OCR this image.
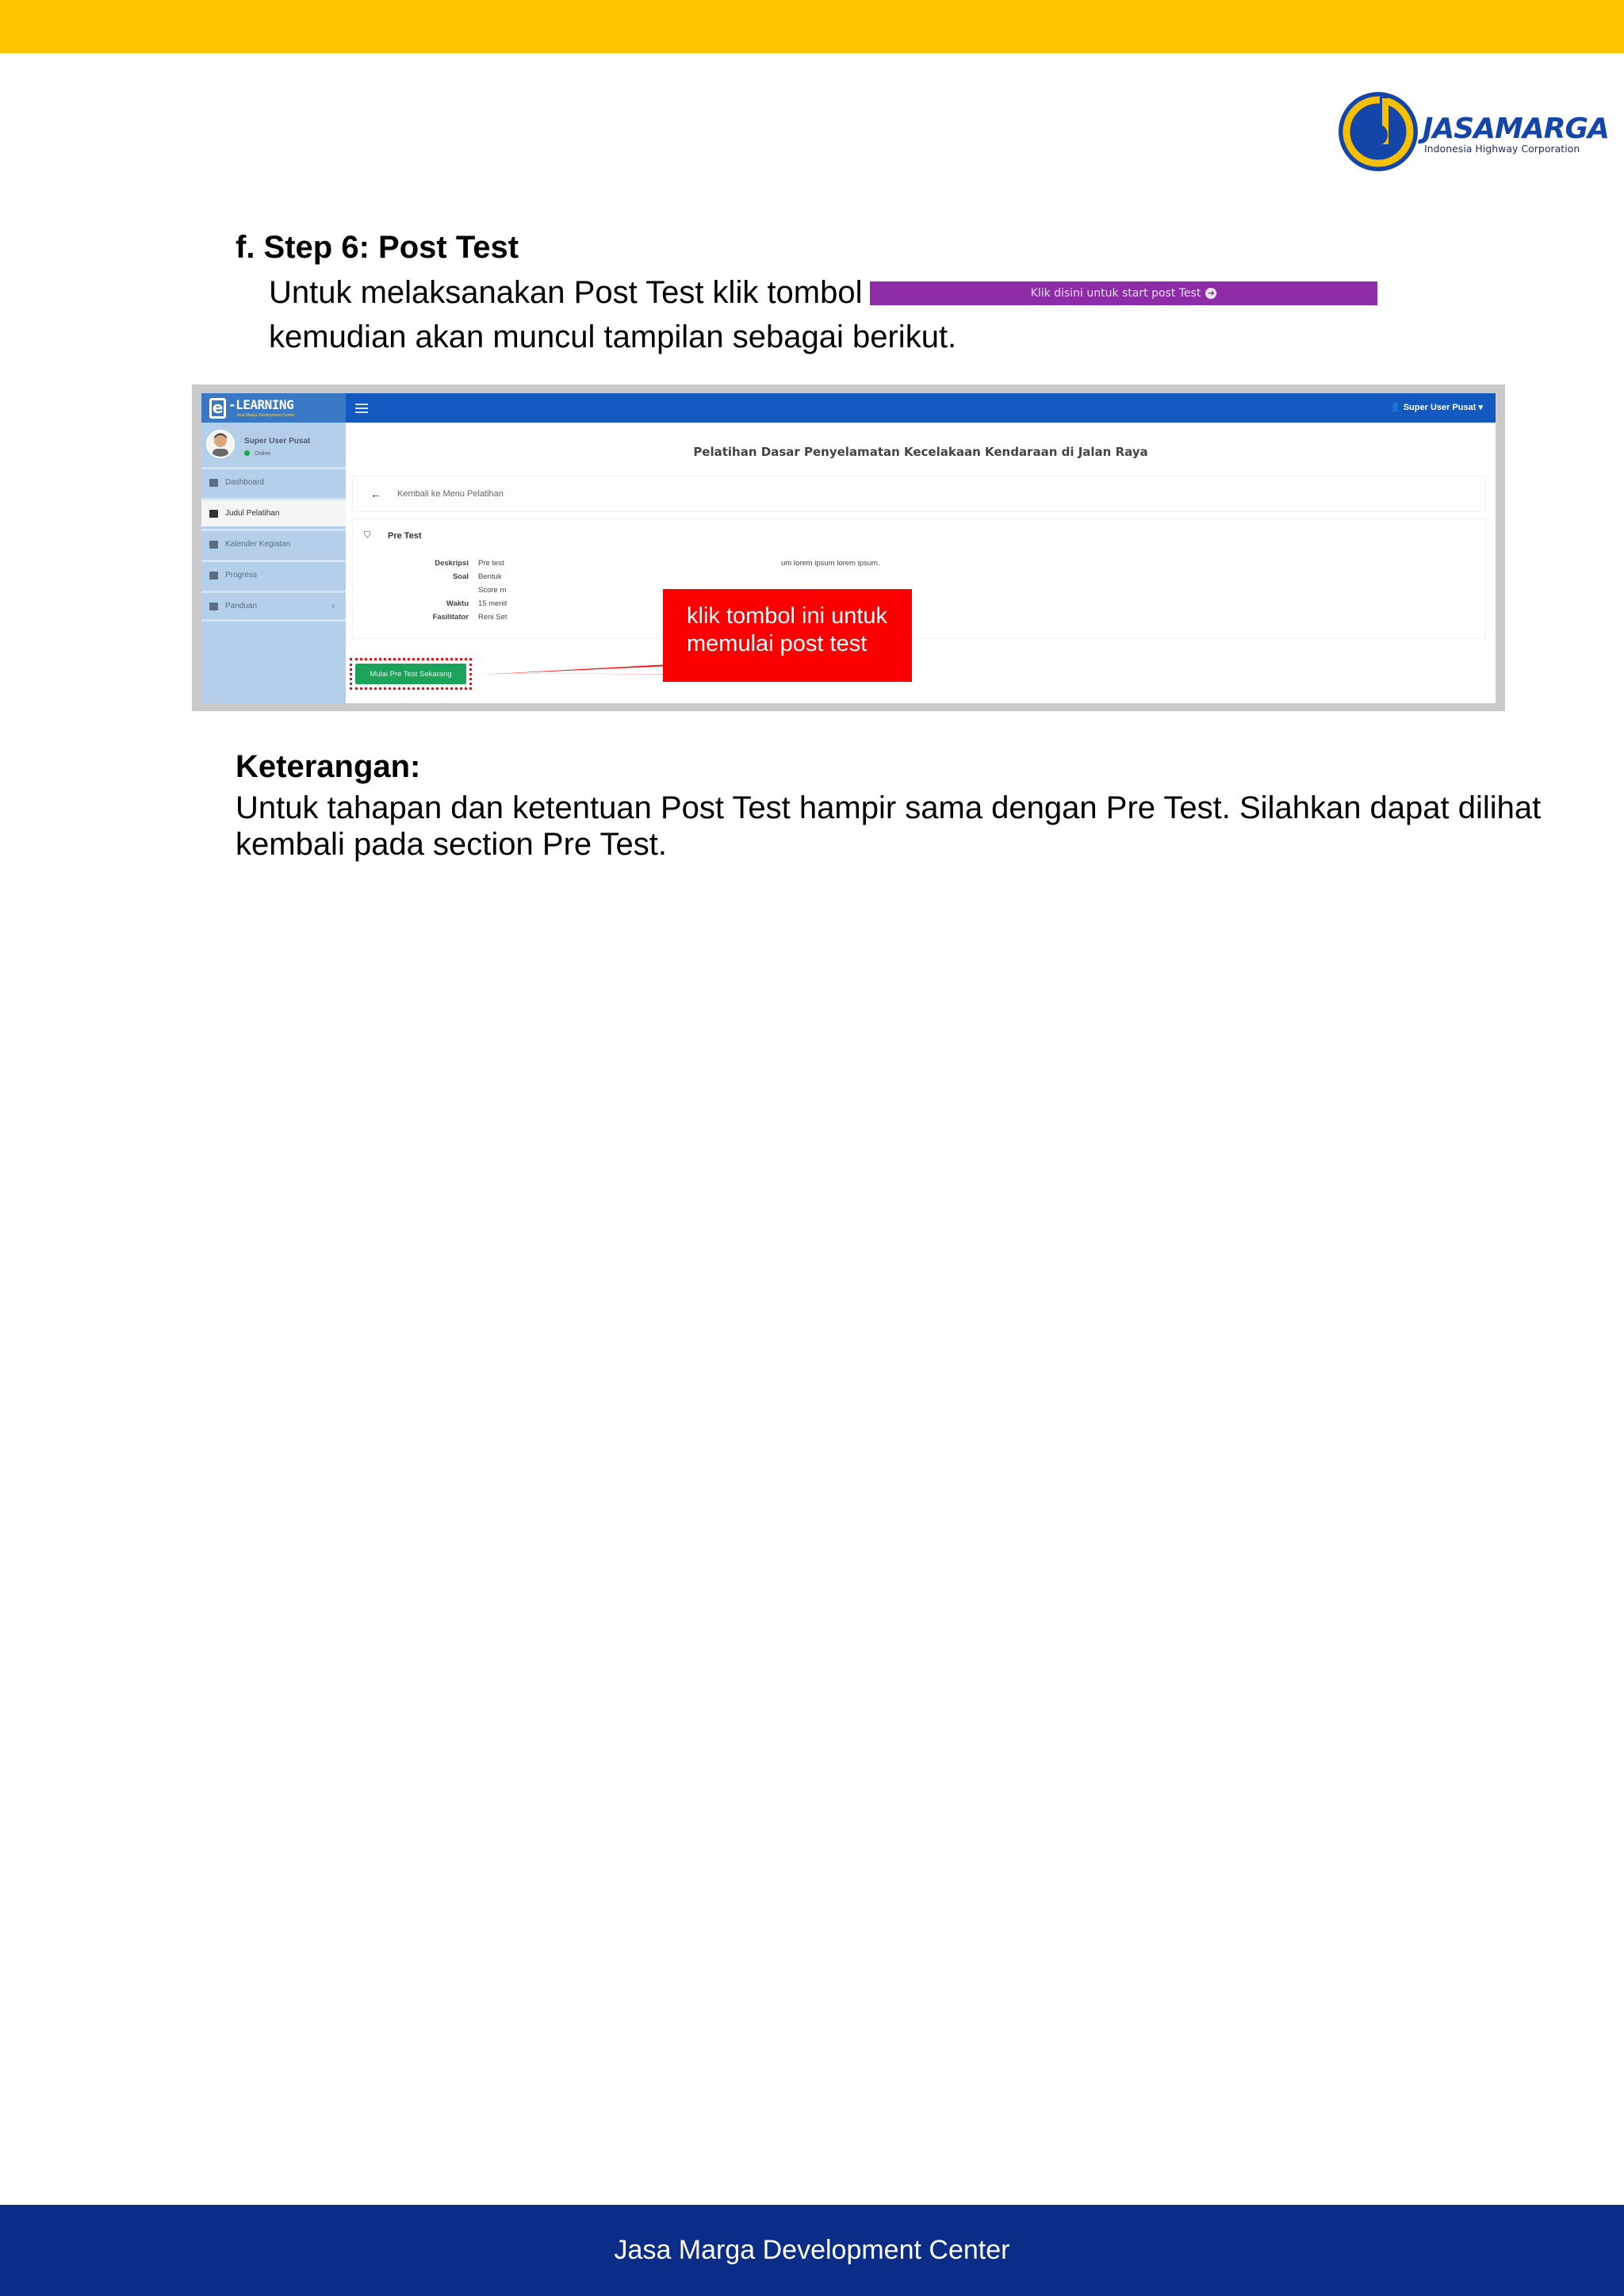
JASAMARGA
Indonesia Highway Corporation
f. Step 6: Post Test
Untuk melaksanakan Post Test klik tombol	Klik disini untuk start post Test ➜
kemudian akan muncul tampilan sebagai berikut.
e -LEARNING
Jasa Marga Development Center
Super User Pusat
Online
Dashboard
Judul Pelatihan
Kalender Kegiatan
Progress
Panduan	‹
👤 Super User Pusat ▾
Pelatihan Dasar Penyelamatan Kecelakaan Kendaraan di Jalan Raya
← Kembali ke Menu Pelatihan
⛉ Pre Test
Deskripsi Pre test
Soal Bentuk
Score m
Waktu 15 menit
Fasilitator Reni Set
um lorem ipsum lorem ipsum.
Mulai Pre Test Sekarang
klik tombol ini untuk
memulai post test
Keterangan:
Untuk tahapan dan ketentuan Post Test hampir sama dengan Pre Test. Silahkan dapat dilihat kembali pada section Pre Test.
Jasa Marga Development Center
